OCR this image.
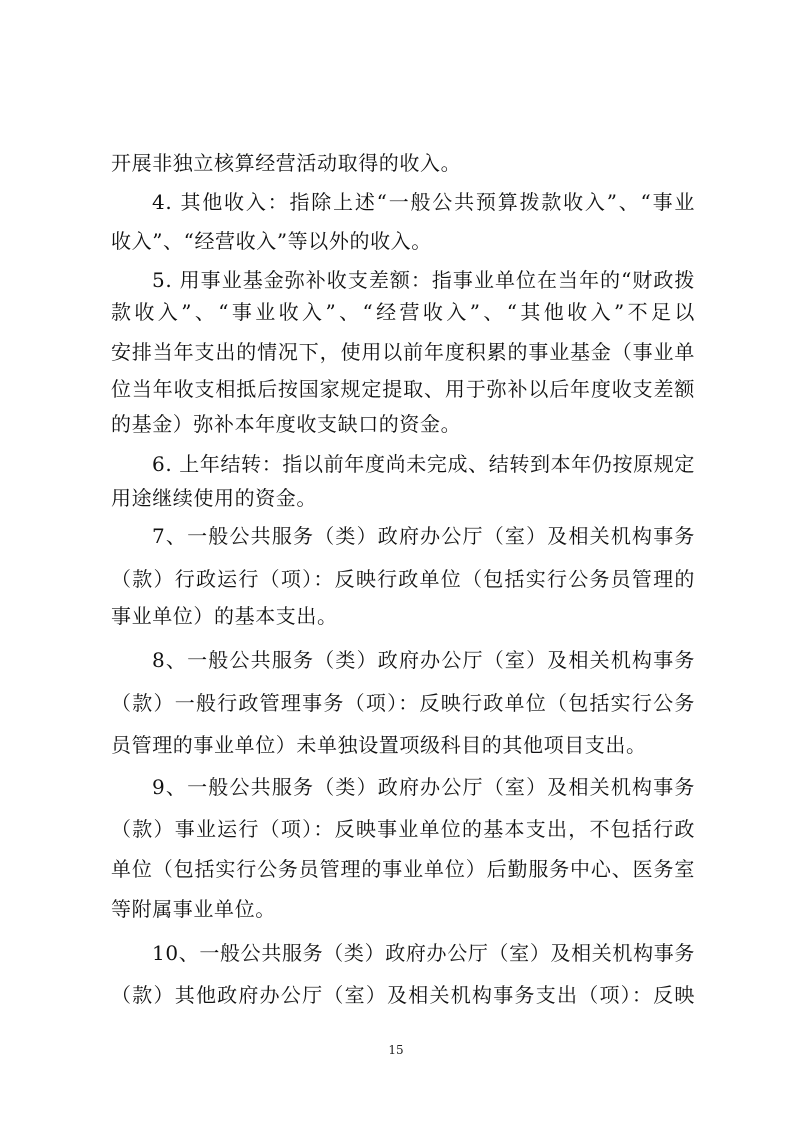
开展非独立核算经营活动取得的收入。
4. 其他收入：指除上述“一般公共预算拨款收入”、“事业
收入”、“经营收入”等以外的收入。
5. 用事业基金弥补收支差额：指事业单位在当年的“财政拨
款收入”、“事业收入”、“经营收入”、“其他收入”不足以
安排当年支出的情况下，使用以前年度积累的事业基金（事业单
位当年收支相抵后按国家规定提取、用于弥补以后年度收支差额
的基金）弥补本年度收支缺口的资金。
6. 上年结转：指以前年度尚未完成、结转到本年仍按原规定
用途继续使用的资金。
7、一般公共服务（类）政府办公厅（室）及相关机构事务
（款）行政运行（项）：反映行政单位（包括实行公务员管理的
事业单位）的基本支出。
8、一般公共服务（类）政府办公厅（室）及相关机构事务
（款）一般行政管理事务（项）：反映行政单位（包括实行公务
员管理的事业单位）未单独设置项级科目的其他项目支出。
9、一般公共服务（类）政府办公厅（室）及相关机构事务
（款）事业运行（项）：反映事业单位的基本支出，不包括行政
单位（包括实行公务员管理的事业单位）后勤服务中心、医务室
等附属事业单位。
10、一般公共服务（类）政府办公厅（室）及相关机构事务
（款）其他政府办公厅（室）及相关机构事务支出（项）：反映
15
